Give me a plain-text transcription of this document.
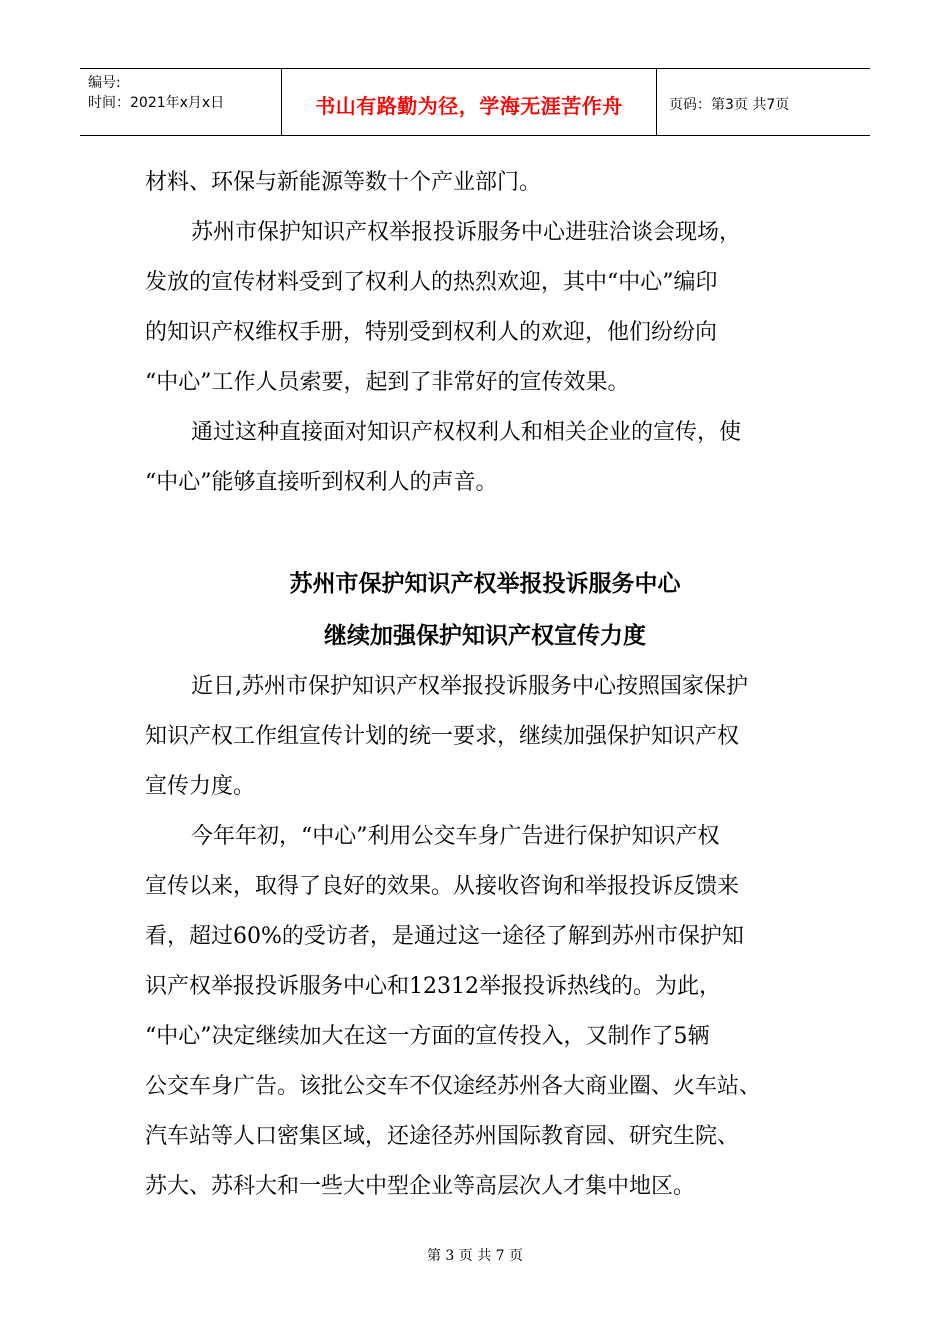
编号:
时间：2021年x月x日	书山有路勤为径，学海无涯苦作舟	页码：第3页 共7页
材料、环保与新能源等数十个产业部门。
苏州市保护知识产权举报投诉服务中心进驻洽谈会现场，
发放的宣传材料受到了权利人的热烈欢迎，其中“中心”编印
的知识产权维权手册，特别受到权利人的欢迎，他们纷纷向
“中心”工作人员索要，起到了非常好的宣传效果。
通过这种直接面对知识产权权利人和相关企业的宣传，使
“中心”能够直接听到权利人的声音。
苏州市保护知识产权举报投诉服务中心
继续加强保护知识产权宣传力度
近日,苏州市保护知识产权举报投诉服务中心按照国家保护
知识产权工作组宣传计划的统一要求，继续加强保护知识产权
宣传力度。
今年年初，“中心”利用公交车身广告进行保护知识产权
宣传以来，取得了良好的效果。从接收咨询和举报投诉反馈来
看，超过60%的受访者，是通过这一途径了解到苏州市保护知
识产权举报投诉服务中心和12312举报投诉热线的。为此，
“中心”决定继续加大在这一方面的宣传投入，又制作了5辆
公交车身广告。该批公交车不仅途经苏州各大商业圈、火车站、
汽车站等人口密集区域，还途径苏州国际教育园、研究生院、
苏大、苏科大和一些大中型企业等高层次人才集中地区。
第 3 页 共 7 页
